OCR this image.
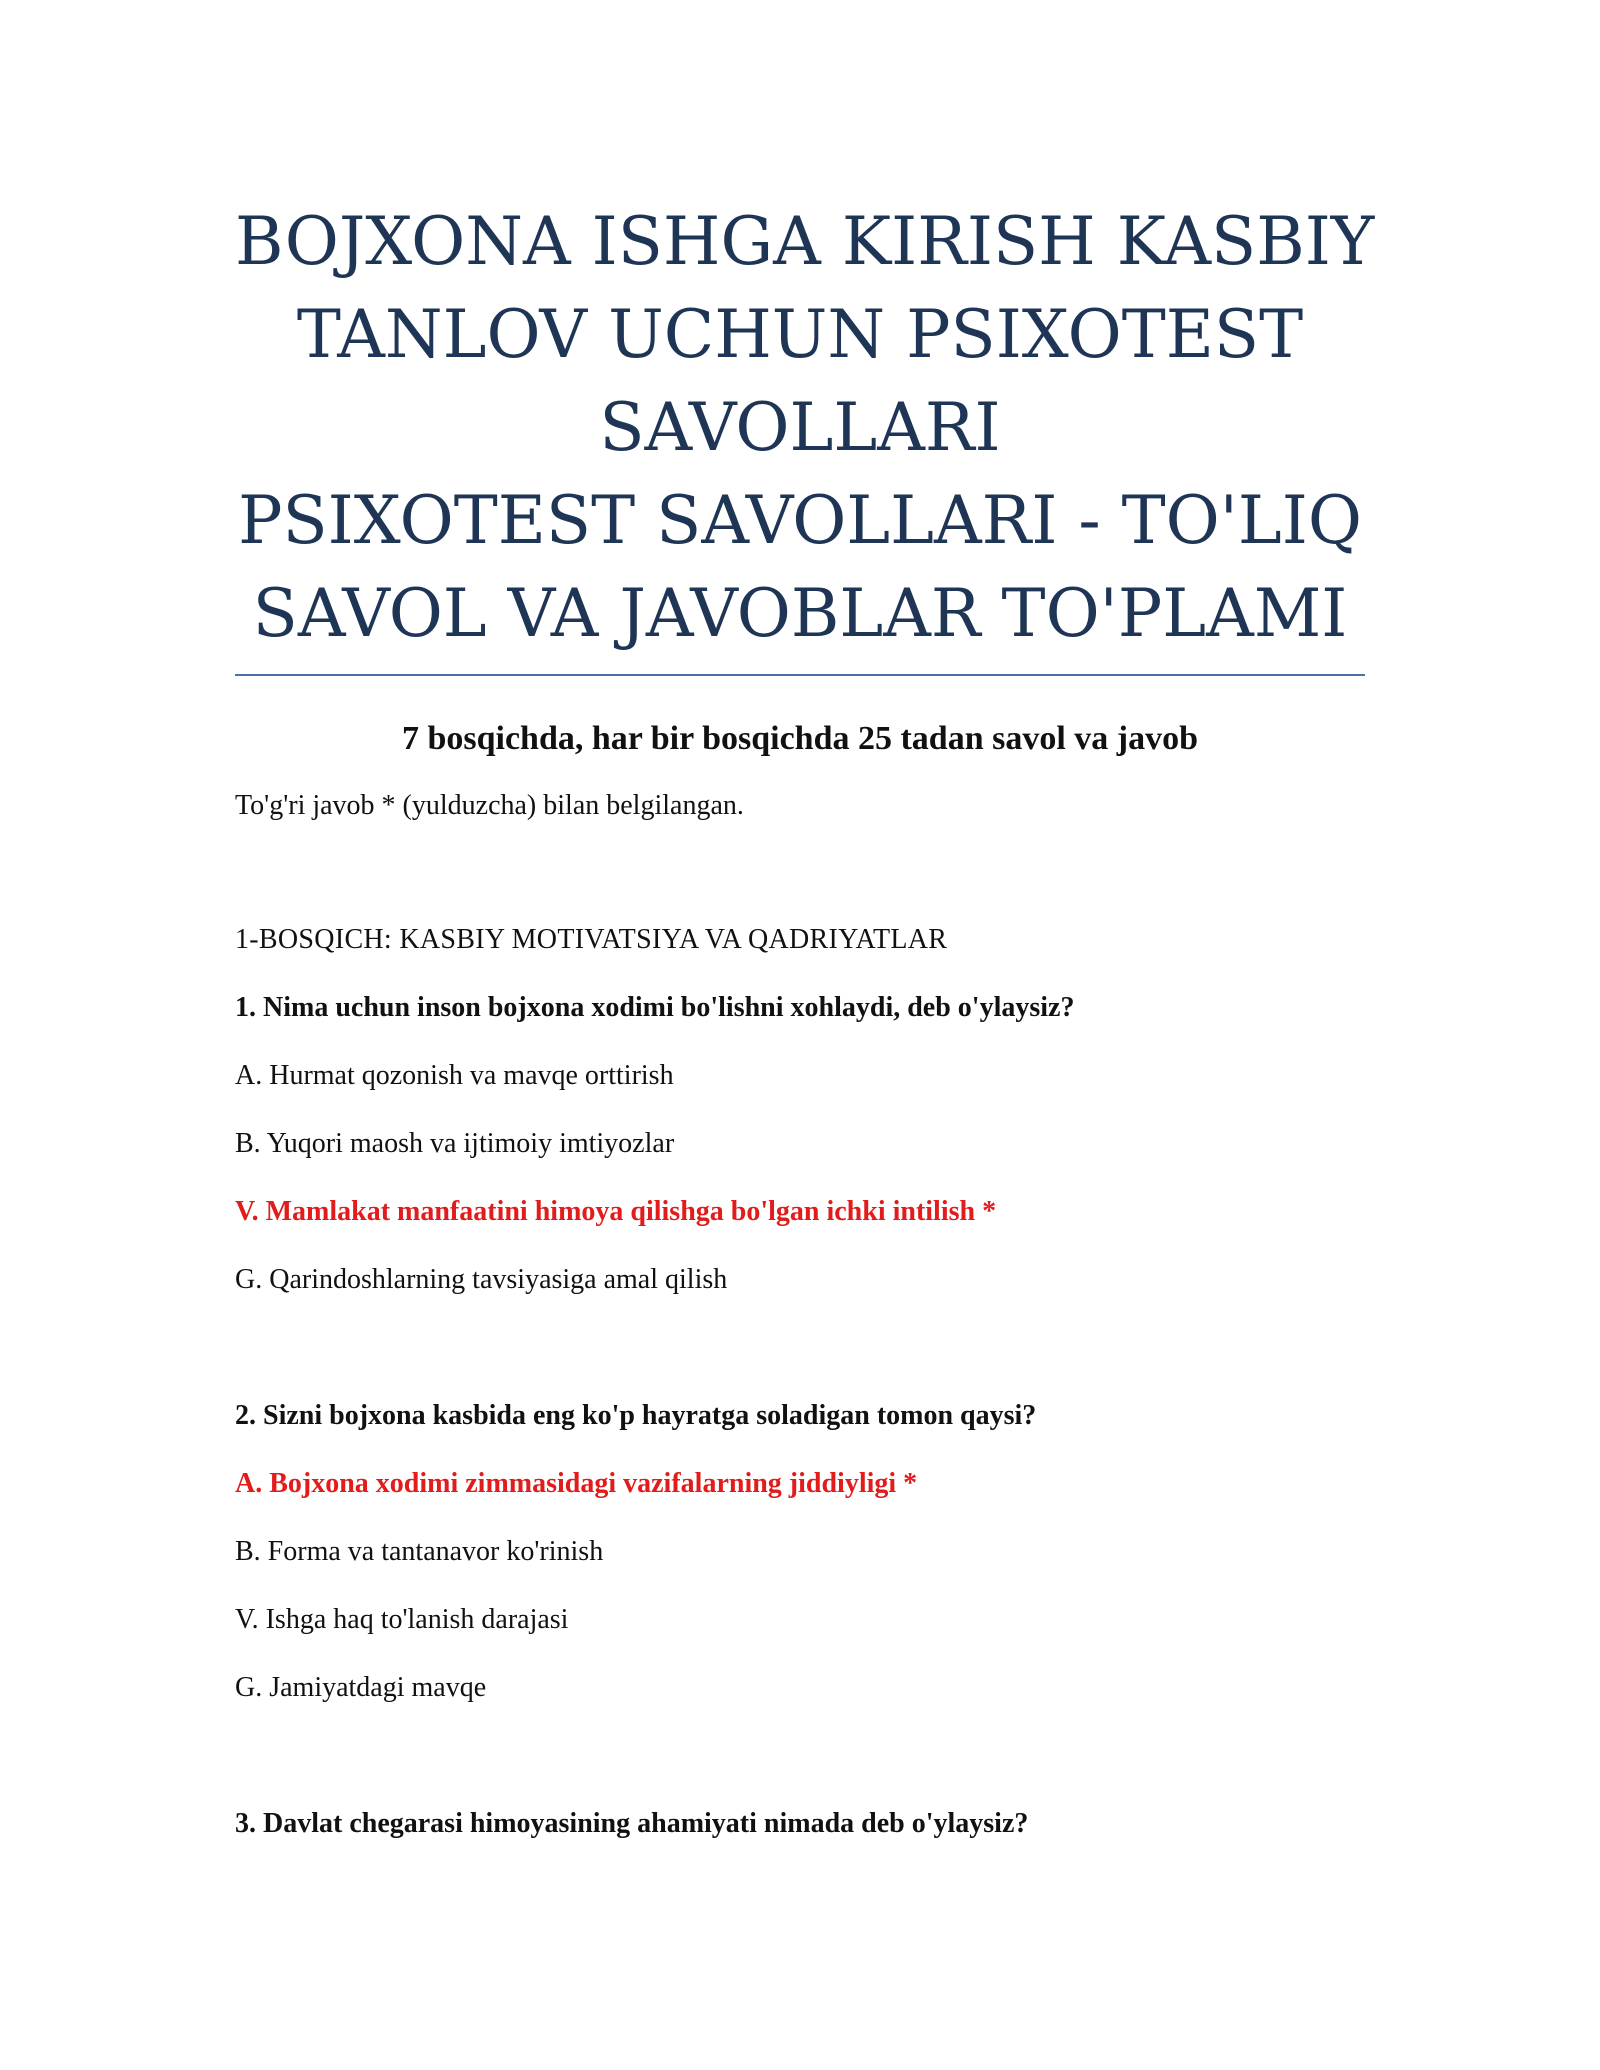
BOJXONA ISHGA KIRISH KASBIY
TANLOV UCHUN PSIXOTEST
SAVOLLARI
PSIXOTEST SAVOLLARI - TO'LIQ
SAVOL VA JAVOBLAR TO'PLAMI
7 bosqichda, har bir bosqichda 25 tadan savol va javob
To'g'ri javob * (yulduzcha) bilan belgilangan.
1-BOSQICH: KASBIY MOTIVATSIYA VA QADRIYATLAR
1. Nima uchun inson bojxona xodimi bo'lishni xohlaydi, deb o'ylaysiz?
A. Hurmat qozonish va mavqe orttirish
B. Yuqori maosh va ijtimoiy imtiyozlar
V. Mamlakat manfaatini himoya qilishga bo'lgan ichki intilish *
G. Qarindoshlarning tavsiyasiga amal qilish
2. Sizni bojxona kasbida eng ko'p hayratga soladigan tomon qaysi?
A. Bojxona xodimi zimmasidagi vazifalarning jiddiyligi *
B. Forma va tantanavor ko'rinish
V. Ishga haq to'lanish darajasi
G. Jamiyatdagi mavqe
3. Davlat chegarasi himoyasining ahamiyati nimada deb o'ylaysiz?
